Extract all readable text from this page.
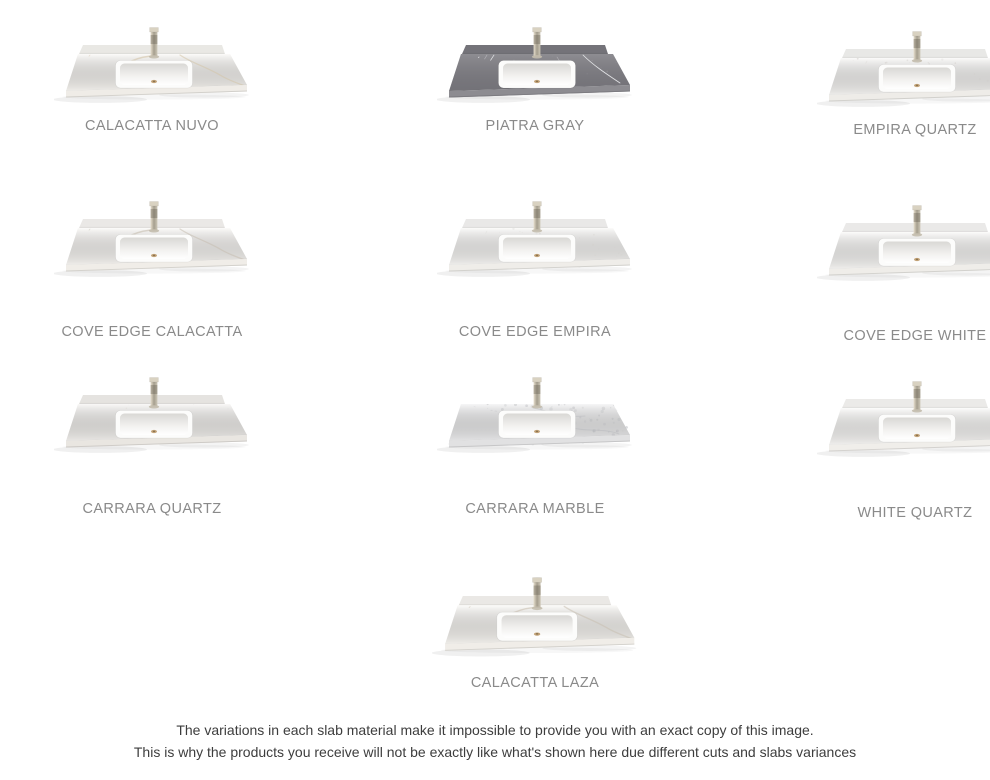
CALACATTA NUVO	PIATRA GRAY	EMPIRA QUARTZ
COVE EDGE CALACATTA	COVE EDGE EMPIRA	COVE EDGE WHITE
CARRARA QUARTZ	CARRARA MARBLE	WHITE QUARTZ
CALACATTA LAZA
The variations in each slab material make it impossible to provide you with an exact copy of this image.
This is why the products you receive will not be exactly like what's shown here due different cuts and slabs variances
